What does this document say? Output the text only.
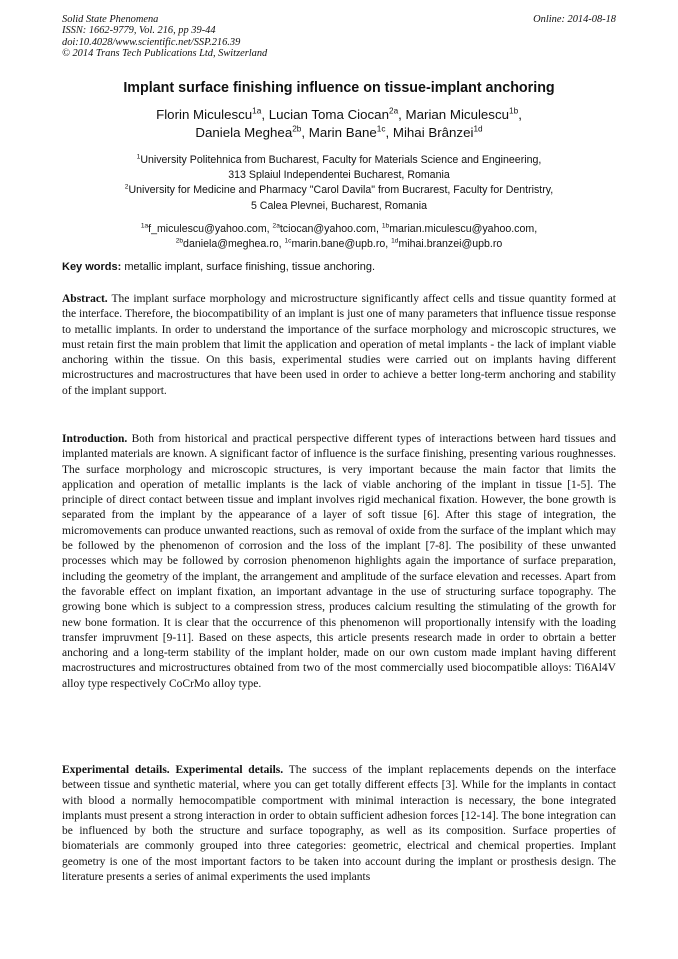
Solid State Phenomena
ISSN: 1662-9779, Vol. 216, pp 39-44
doi:10.4028/www.scientific.net/SSP.216.39
© 2014 Trans Tech Publications Ltd, Switzerland
Online: 2014-08-18
Implant surface finishing influence on tissue-implant anchoring
Florin Miculescu$^{1a}$, Lucian Toma Ciocan$^{2a}$, Marian Miculescu$^{1b}$,
Daniela Meghea$^{2b}$, Marin Bane$^{1c}$, Mihai Brânzei$^{1d}$
$^1$University Politehnica from Bucharest, Faculty for Materials Science and Engineering,
313 Splaiul Independentei Bucharest, Romania
$^2$University for Medicine and Pharmacy "Carol Davila" from Bucrarest, Faculty for Dentristry,
5 Calea Plevnei, Bucharest, Romania
$^{1a}$f_miculescu@yahoo.com, $^{2a}$tciocan@yahoo.com, $^{1b}$marian.miculescu@yahoo.com,
$^{2b}$daniela@meghea.ro, $^{1c}$marin.bane@upb.ro, $^{1d}$mihai.branzei@upb.ro
Key words: metallic implant, surface finishing, tissue anchoring.
Abstract. The implant surface morphology and microstructure significantly affect cells and tissue quantity formed at the interface. Therefore, the biocompatibility of an implant is just one of many parameters that influence tissue response to metallic implants. In order to understand the importance of the surface morphology and microscopic structures, we must retain first the main problem that limit the application and operation of metal implants - the lack of implant viable anchoring within the tissue. On this basis, experimental studies were carried out on implants having different microstructures and macrostructures that have been used in order to achieve a better long-term anchoring and stability of the implant support.
Introduction. Both from historical and practical perspective different types of interactions between hard tissues and implanted materials are known. A significant factor of influence is the surface finishing, presenting various roughnesses. The surface morphology and microscopic structures, is very important because the main factor that limits the application and operation of metallic implants is the lack of viable anchoring of the implant in tissue [1-5]. The principle of direct contact between tissue and implant involves rigid mechanical fixation. However, the bone growth is separated from the implant by the appearance of a layer of soft tissue [6]. After this stage of integration, the micromovements can produce unwanted reactions, such as removal of oxide from the surface of the implant which may be followed by the phenomenon of corrosion and the loss of the implant [7-8]. The posibility of these unwanted processes which may be followed by corrosion phenomenon highlights again the importance of surface preparation, including the geometry of the implant, the arrangement and amplitude of the surface elevation and recesses. Apart from the favorable effect on implant fixation, an important advantage in the use of structuring surface topography. The growing bone which is subject to a compression stress, produces calcium resulting the stimulating of the growth for new bone formation. It is clear that the occurrence of this phenomenon will proportionally intensify with the loading transfer impruvment [9-11]. Based on these aspects, this article presents research made in order to obrtain a better anchoring and a long-term stability of the implant holder, made on our own custom made implant having different macrostructures and microstructures obtained from two of the most commercially used biocompatible alloys: Ti6Al4V alloy type respectively CoCrMo alloy type.
Experimental details. Experimental details. The success of the implant replacements depends on the interface between tissue and synthetic material, where you can get totally different effects [3]. While for the implants in contact with blood a normally hemocompatible comportment with minimal interaction is necessary, the bone integrated implants must present a strong interaction in order to obtain sufficient adhesion forces [12-14]. The bone integration can be influenced by both the structure and surface topography, as well as its composition. Surface properties of biomaterials are commonly grouped into three categories: geometric, electrical and chemical properties. Implant geometry is one of the most important factors to be taken into account during the implant or prosthesis design. The literature presents a series of animal experiments the used implants
